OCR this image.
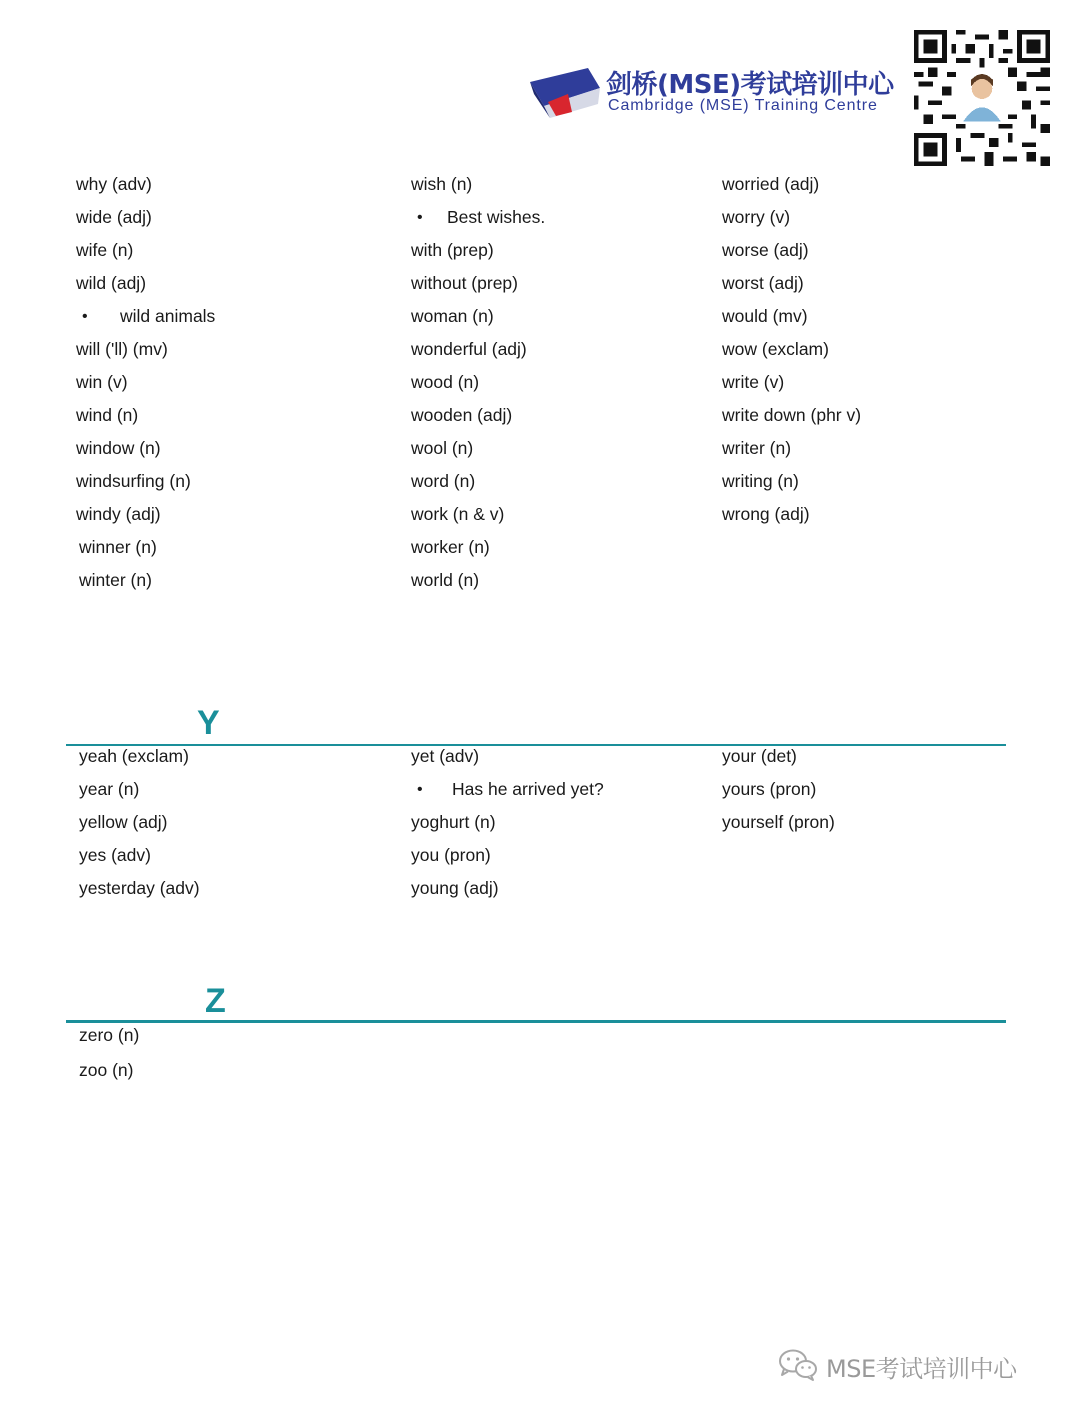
剑桥(MSE)考试培训中心
Cambridge (MSE) Training Centre
why (adv)
wide (adj)
wife (n)
wild (adj)
• wild animals
will ('ll) (mv)
win (v)
wind (n)
window (n)
windsurfing (n)
windy (adj)
winner (n)
winter (n)
wish (n)
• Best wishes.
with (prep)
without (prep)
woman (n)
wonderful (adj)
wood (n)
wooden (adj)
wool (n)
word (n)
work (n & v)
worker (n)
world (n)
worried (adj)
worry (v)
worse (adj)
worst (adj)
would (mv)
wow (exclam)
write (v)
write down (phr v)
writer (n)
writing (n)
wrong (adj)
Y
yeah (exclam)
year (n)
yellow (adj)
yes (adv)
yesterday (adv)
yet (adv)
• Has he arrived yet?
yoghurt (n)
you (pron)
young (adj)
your (det)
yours (pron)
yourself (pron)
Z
zero (n)
zoo (n)
MSE考试培训中心
